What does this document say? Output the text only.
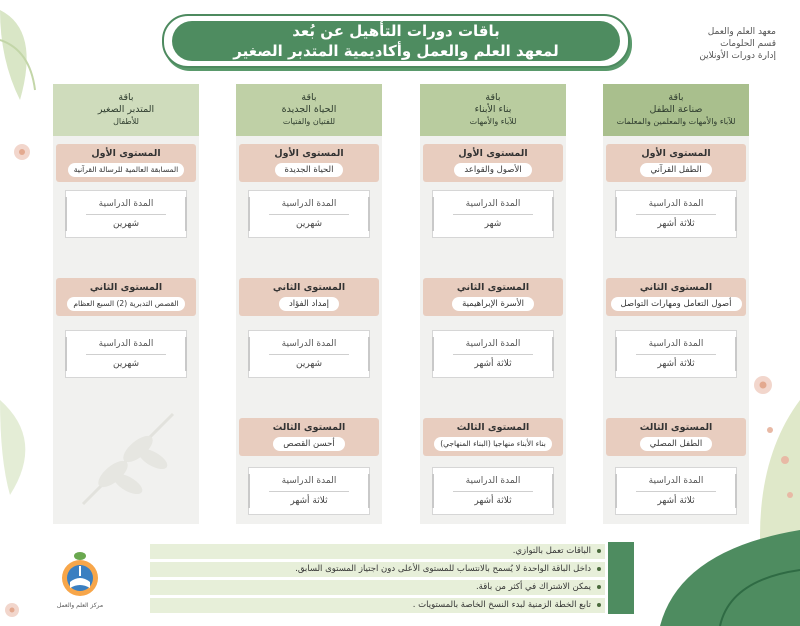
باقات دورات التأهيل عن بُعد
لمعهد العلم والعمل وأكاديمية المتدبر الصغير
معهد العلم والعمل
قسم الحلومات
إدارة دورات الأونلاين
باقة
صناعة الطفل
للآباء والأمهات والمعلمين والمعلمات
المستوى الأول
الطفل القرآني
المدة الدراسية
ثلاثة أشهر
المستوى الثاني
أصول التعامل ومهارات التواصل
المدة الدراسية
ثلاثة أشهر
المستوى الثالث
الطفل المصلي
المدة الدراسية
ثلاثة أشهر
باقة
بناء الأبناء
للآباء والأمهات
المستوى الأول
الأصول والقواعد
المدة الدراسية
شهر
المستوى الثاني
الأسرة الإبراهيمية
المدة الدراسية
ثلاثة أشهر
المستوى الثالث
بناء الأبناء منهاجيا (البناء المنهاجي)
المدة الدراسية
ثلاثة أشهر
باقة
الحياة الجديدة
للفتيان والفتيات
المستوى الأول
الحياة الجديدة
المدة الدراسية
شهرين
المستوى الثاني
إمداد الفؤاد
المدة الدراسية
شهرين
المستوى الثالث
أحسن القصص
المدة الدراسية
ثلاثة أشهر
باقة
المتدبر الصغير
للأطفال
المستوى الأول
المسابقة العالمية للرسالة القرآنية
المدة الدراسية
شهرين
المستوى الثاني
القصص التدبرية (2) السبع العظام
المدة الدراسية
شهرين
الباقات تعمل بالتوازي.
داخل الباقة الواحدة لا يُسمح بالانتساب للمستوى الأعلى دون اجتياز المستوى السابق.
يمكن الاشتراك في أكثر من باقة.
تابع الخطة الزمنية لبدء النسخ الخاصة بالمستويات .
مركز العلم والعمل
